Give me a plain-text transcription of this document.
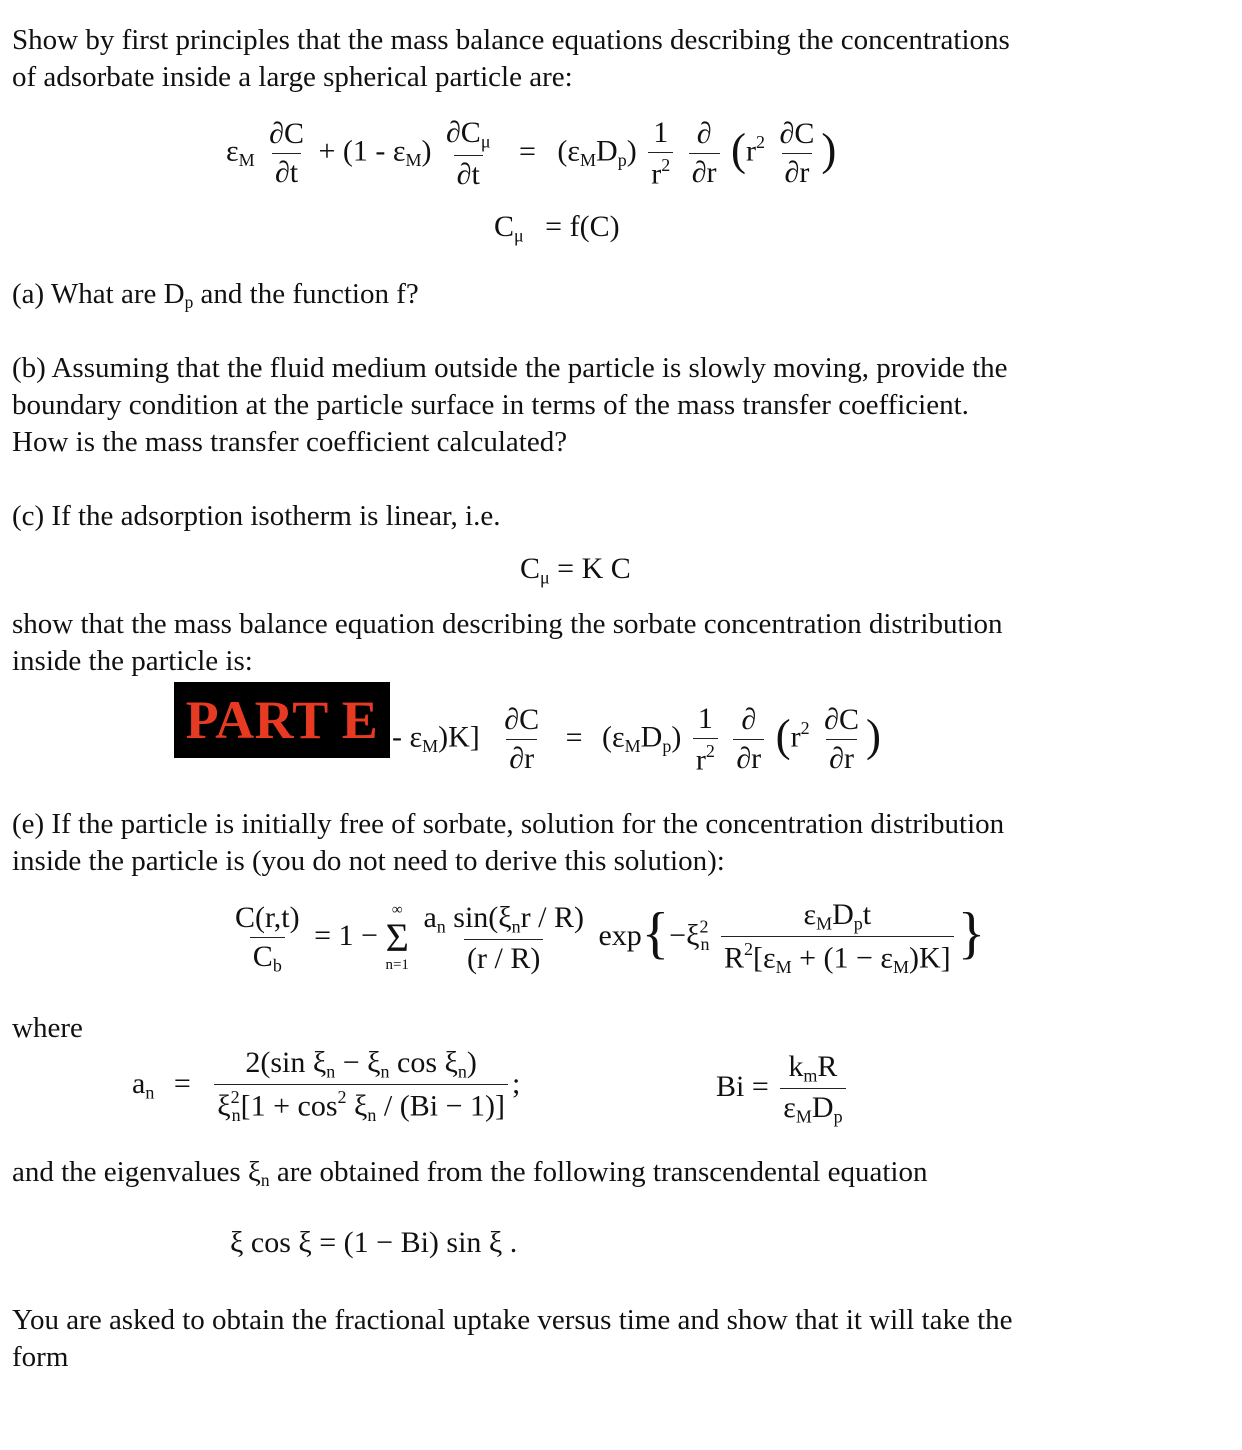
Show by first principles that the mass balance equations describing the concentrations
of adsorbate inside a large spherical particle are:
$\varepsilon_M \frac{\partial C}{\partial t} + (1 - \varepsilon_M) \frac{\partial C_\mu}{\partial t} = (\varepsilon_MD_p) \frac{1}{r^2}$
$\frac{\partial}{\partial r} (r^2 \frac{\partial C}{\partial r}$ )
$C_\mu = f(C)$
(a) What are $D_p$ and the function f?
(b) Assuming that the fluid medium outside the particle is slowly moving, provide the
boundary condition at the particle surface in terms of the mass transfer coefficient.
How is the mass transfer coefficient calculated?
(c) If the adsorption isotherm is linear, i.e.
$C_\mu = K$ C
show that the mass balance equation describing the sorbate concentration distribution
inside the particle is:
- $\varepsilon_M)K] \frac{\partial C}{\partial r} = (\varepsilon_MD_p) \frac{1}{r^2}$
$\frac{\partial}{\partial r} (r^2 \frac{\partial C}{\partial r}$ )
PART E
(e) If the particle is initially free of sorbate, solution for the concentration distribution
inside the particle is (you do not need to derive this solution):
$\frac{C(r,t)}{C_b} = 1$ −
∞
Σ
n=1
$\frac{a_n \sin(\xi_nr / R)}{(r / R)} \exp\{-\xi^2_n \frac{\varepsilon_MD_pt}{R^2[\varepsilon_M + (1 - \varepsilon_M)K]}$ }
where
$a_n = \frac{2(\sin \xi_n - \xi_n \cos \xi_n)}{\xi^2_n[1 + \cos^2 \xi_n / (Bi - 1)]}$ ;	$Bi = \frac{k_mR}{\varepsilon_MD_p}$
and the eigenvalues $\xi_n$ are obtained from the following transcendental equation
ξ cos ξ = (1 − Bi) sin ξ .
You are asked to obtain the fractional uptake versus time and show that it will take the
form
